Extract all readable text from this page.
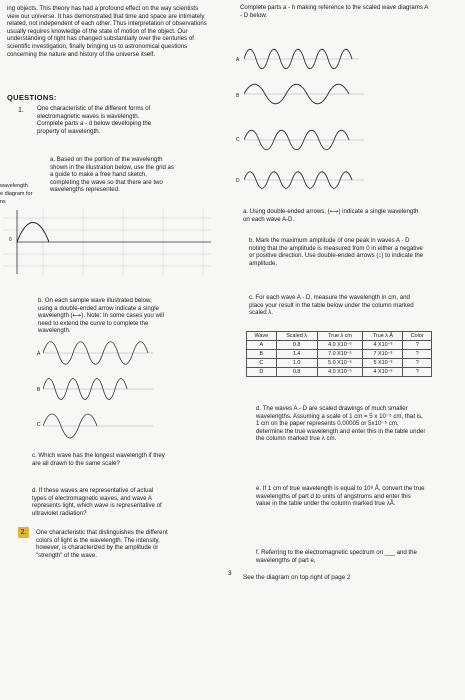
ing objects. This theory has had a profound effect on the way scientists view our universe. It has demonstrated that time and space are intimately related, not independent of each other. Thus interpretation of observations usually requires knowledge of the state of motion of the object. Our understanding of light has changed substantially over the centuries of scientific investigation, finally bringing us to astronomical questions concerning the nature and history of the universe itself.
QUESTIONS:
1. One characteristic of the different forms of electromagnetic waves is wavelength. Complete parts a - d below developing the property of wavelength.
a. Based on the portion of the wavelength shown in the illustration below, use the grid as a guide to make a free hand sketch, completing the wave so that there are two wavelengths represented.
wavelength
e diagram for
ns
0
b. On each sample wave illustrated below, using a double-ended arrow indicate a single wavelength (⟷). Note: In some cases you will need to extend the curve to complete the wavelength.
A
B
C
c. Which wave has the longest wavelength if they are all drawn to the same scale?
d. If these waves are representative of actual types of electromagnetic waves, and wave A represents light, which wave is representative of ultraviolet radiation?
2.	One characteristic that distinguishes the different colors of light is the wavelength. The intensity, however, is characterized by the amplitude or "strength" of the wave.
Complete parts a - h making reference to the scaled wave diagrams A - D below.
A
B
C
D
a. Using double-ended arrows, (⟷) indicate a single wavelength on each wave A-D.
b. Mark the maximum amplitude of one peak in waves A - D noting that the amplitude is measured from 0 in either a negative or positive direction. Use double-ended arrows (↕) to indicate the amplitude.
c. For each wave A - D, measure the wavelength in cm, and place your result in the table below under the column marked scaled λ.
Wave	Scaled λ	True λ cm	True λ Å	Color
A	0.8	4.0 X10⁻⁵	4 X10⁻³	?
B	1.4	7.0 X10⁻⁵	7 X10⁻³	?
C	1.0	5.0 X10⁻⁵	5 X10⁻³	?
D	0.8	4.0 X10⁻⁵	4 X10⁻³	?
d. The waves A - D are scaled drawings of much smaller wavelengths. Assuming a scale of 1 cm = 5 x 10⁻⁵ cm, that is, 1 cm on the paper represents 0.00005 or 5x10⁻⁵ cm, determine the true wavelength and enter this in the table under the column marked true λ cm.
e. If 1 cm of true wavelength is equal to 10⁸ Å, convert the true wavelengths of part d to units of angstroms and enter this value in the table under the column marked true λÅ.
f. Referring to the electromagnetic spectrum on ___ and the wavelengths of part e,
See the diagram on top right of page 2
3
